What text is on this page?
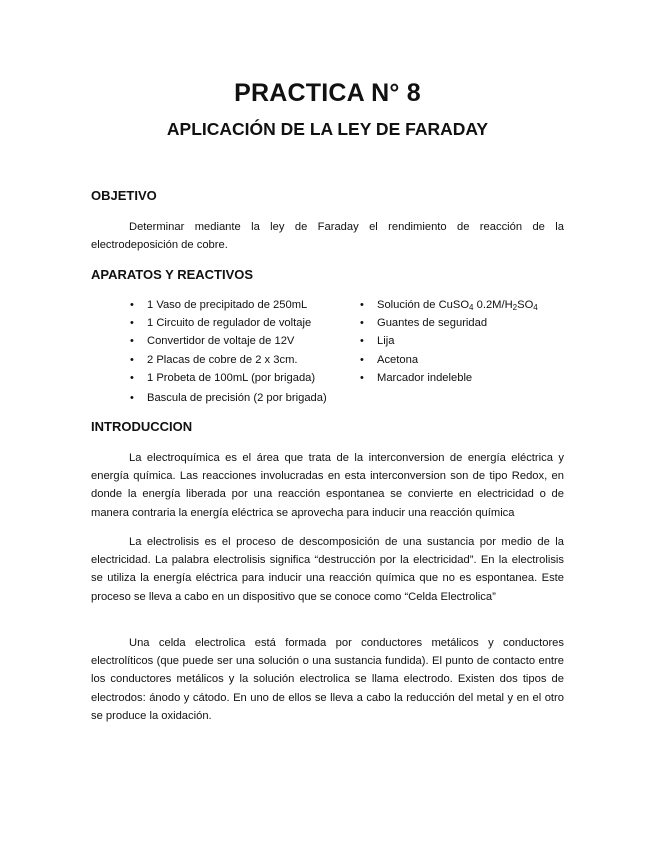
PRACTICA N° 8
APLICACIÓN DE LA LEY DE FARADAY
OBJETIVO

Determinar mediante la ley de Faraday el rendimiento de reacción de la electrodeposición de cobre.

APARATOS Y REACTIVOS
• 1 Vaso de precipitado de 250mL
• 1 Circuito de regulador de voltaje
• Convertidor de voltaje de 12V
• 2 Placas de cobre de 2 x 3cm.
• 1 Probeta de 100mL (por brigada)
• Bascula de precisión (2 por brigada)
• Solución de CuSO$_4$ $0.2M/H_2SO_4$
• Guantes de seguridad
• Lija
• Acetona
• Marcador indeleble
INTRODUCCION

La electroquímica es el área que trata de la interconversion de energía eléctrica y energía química. Las reacciones involucradas en esta interconversion son de tipo Redox, en donde la energía liberada por una reacción espontanea se convierte en electricidad o de manera contraria la energía eléctrica se aprovecha para inducir una reacción química

La electrolisis es el proceso de descomposición de una sustancia por medio de la electricidad. La palabra electrolisis significa “destrucción por la electricidad”. En la electrolisis se utiliza la energía eléctrica para inducir una reacción química que no es espontanea. Este proceso se lleva a cabo en un dispositivo que se conoce como “Celda Electrolica”

Una celda electrolica está formada por conductores metálicos y conductores electrolíticos (que puede ser una solución o una sustancia fundida). El punto de contacto entre los conductores metálicos y la solución electrolica se llama electrodo. Existen dos tipos de electrodos: ánodo y cátodo. En uno de ellos se lleva a cabo la reducción del metal y en el otro se produce la oxidación.
